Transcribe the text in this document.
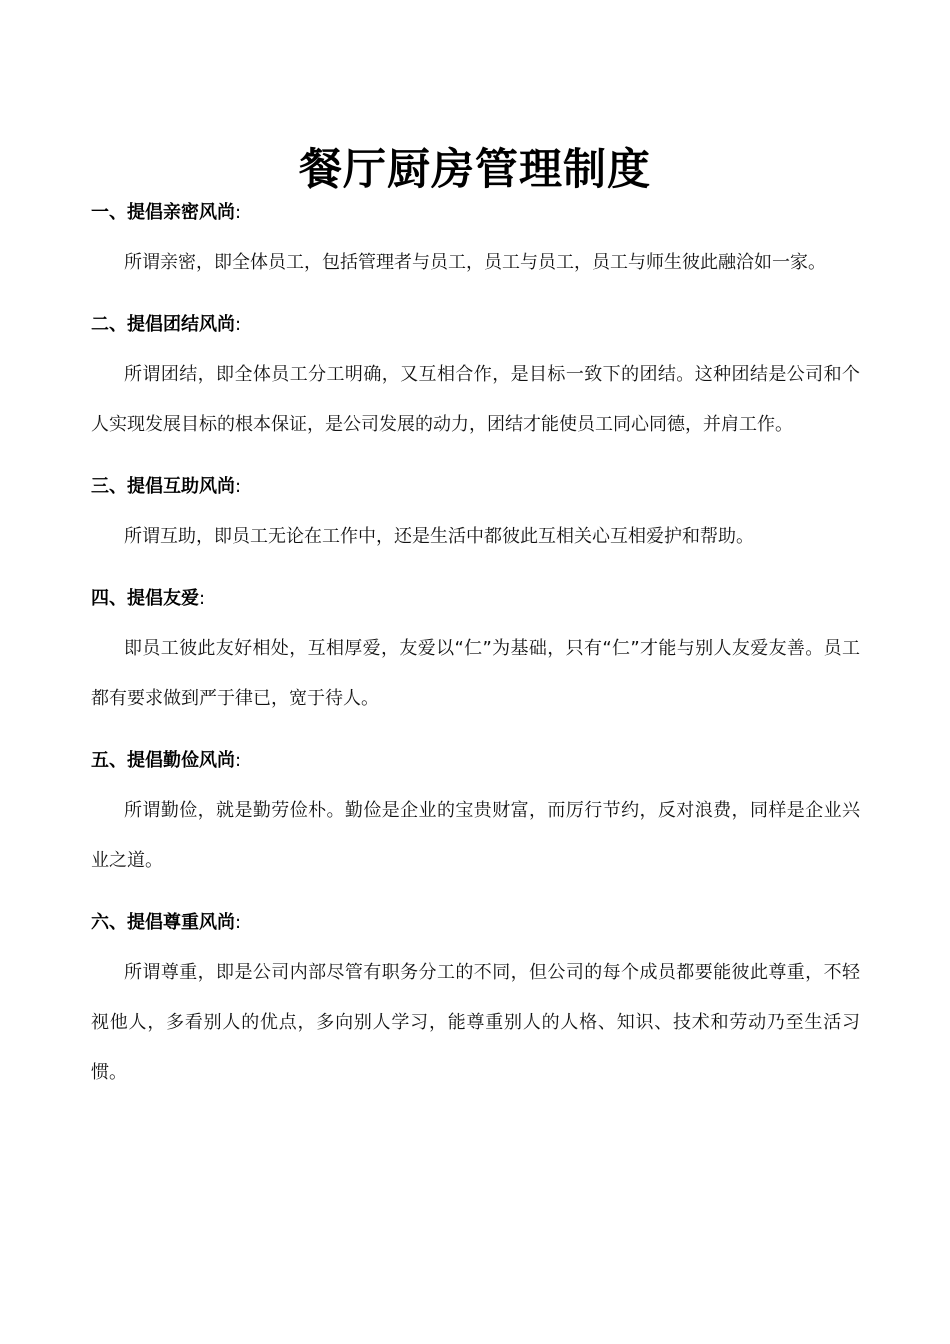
餐厅厨房管理制度

一、提倡亲密风尚:

所谓亲密，即全体员工，包括管理者与员工，员工与员工，员工与师生彼此融洽如一家。

二、提倡团结风尚:

所谓团结，即全体员工分工明确，又互相合作，是目标一致下的团结。这种团结是公司和个人实现发展目标的根本保证，是公司发展的动力，团结才能使员工同心同德，并肩工作。

三、提倡互助风尚:

所谓互助，即员工无论在工作中，还是生活中都彼此互相关心互相爱护和帮助。

四、提倡友爱:

即员工彼此友好相处，互相厚爱，友爱以“仁”为基础，只有“仁”才能与别人友爱友善。员工都有要求做到严于律已，宽于待人。

五、提倡勤俭风尚:

所谓勤俭，就是勤劳俭朴。勤俭是企业的宝贵财富，而厉行节约，反对浪费，同样是企业兴业之道。

六、提倡尊重风尚:

所谓尊重，即是公司内部尽管有职务分工的不同，但公司的每个成员都要能彼此尊重，不轻视他人，多看别人的优点，多向别人学习，能尊重别人的人格、知识、技术和劳动乃至生活习惯。
